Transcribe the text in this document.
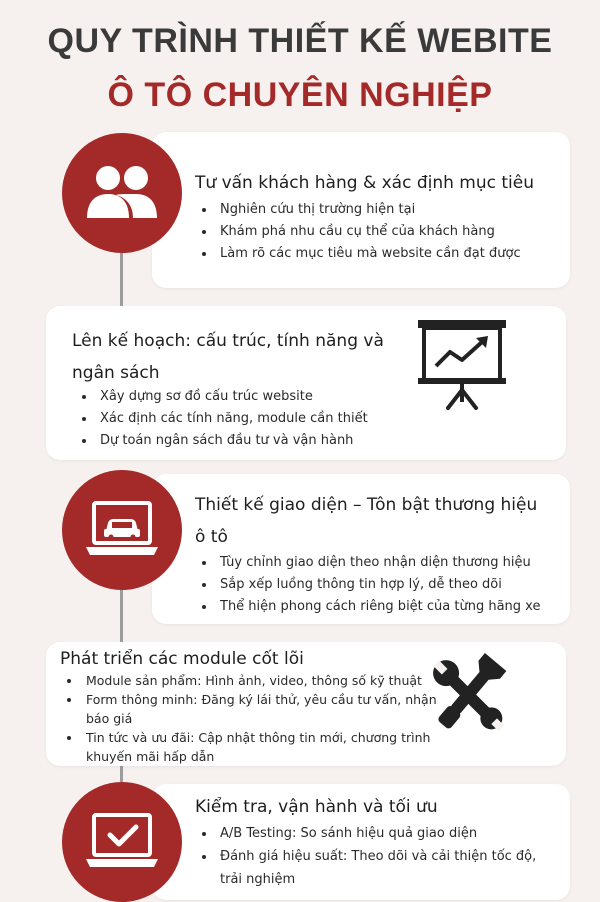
QUY TRÌNH THIẾT KẾ WEBITE
Ô TÔ CHUYÊN NGHIỆP
Tư vấn khách hàng & xác định mục tiêu
• Nghiên cứu thị trường hiện tại
• Khám phá nhu cầu cụ thể của khách hàng
• Làm rõ các mục tiêu mà website cần đạt được
Lên kế hoạch: cấu trúc, tính năng và ngân sách
• Xây dựng sơ đồ cấu trúc website
• Xác định các tính năng, module cần thiết
• Dự toán ngân sách đầu tư và vận hành
Thiết kế giao diện – Tôn bật thương hiệu ô tô
• Tùy chỉnh giao diện theo nhận diện thương hiệu
• Sắp xếp luồng thông tin hợp lý, dễ theo dõi
• Thể hiện phong cách riêng biệt của từng hãng xe
Phát triển các module cốt lõi
• Module sản phẩm: Hình ảnh, video, thông số kỹ thuật
• Form thông minh: Đăng ký lái thử, yêu cầu tư vấn, nhận báo giá
• Tin tức và ưu đãi: Cập nhật thông tin mới, chương trình khuyến mãi hấp dẫn
Kiểm tra, vận hành và tối ưu
• A/B Testing: So sánh hiệu quả giao diện
• Đánh giá hiệu suất: Theo dõi và cải thiện tốc độ, trải nghiệm
